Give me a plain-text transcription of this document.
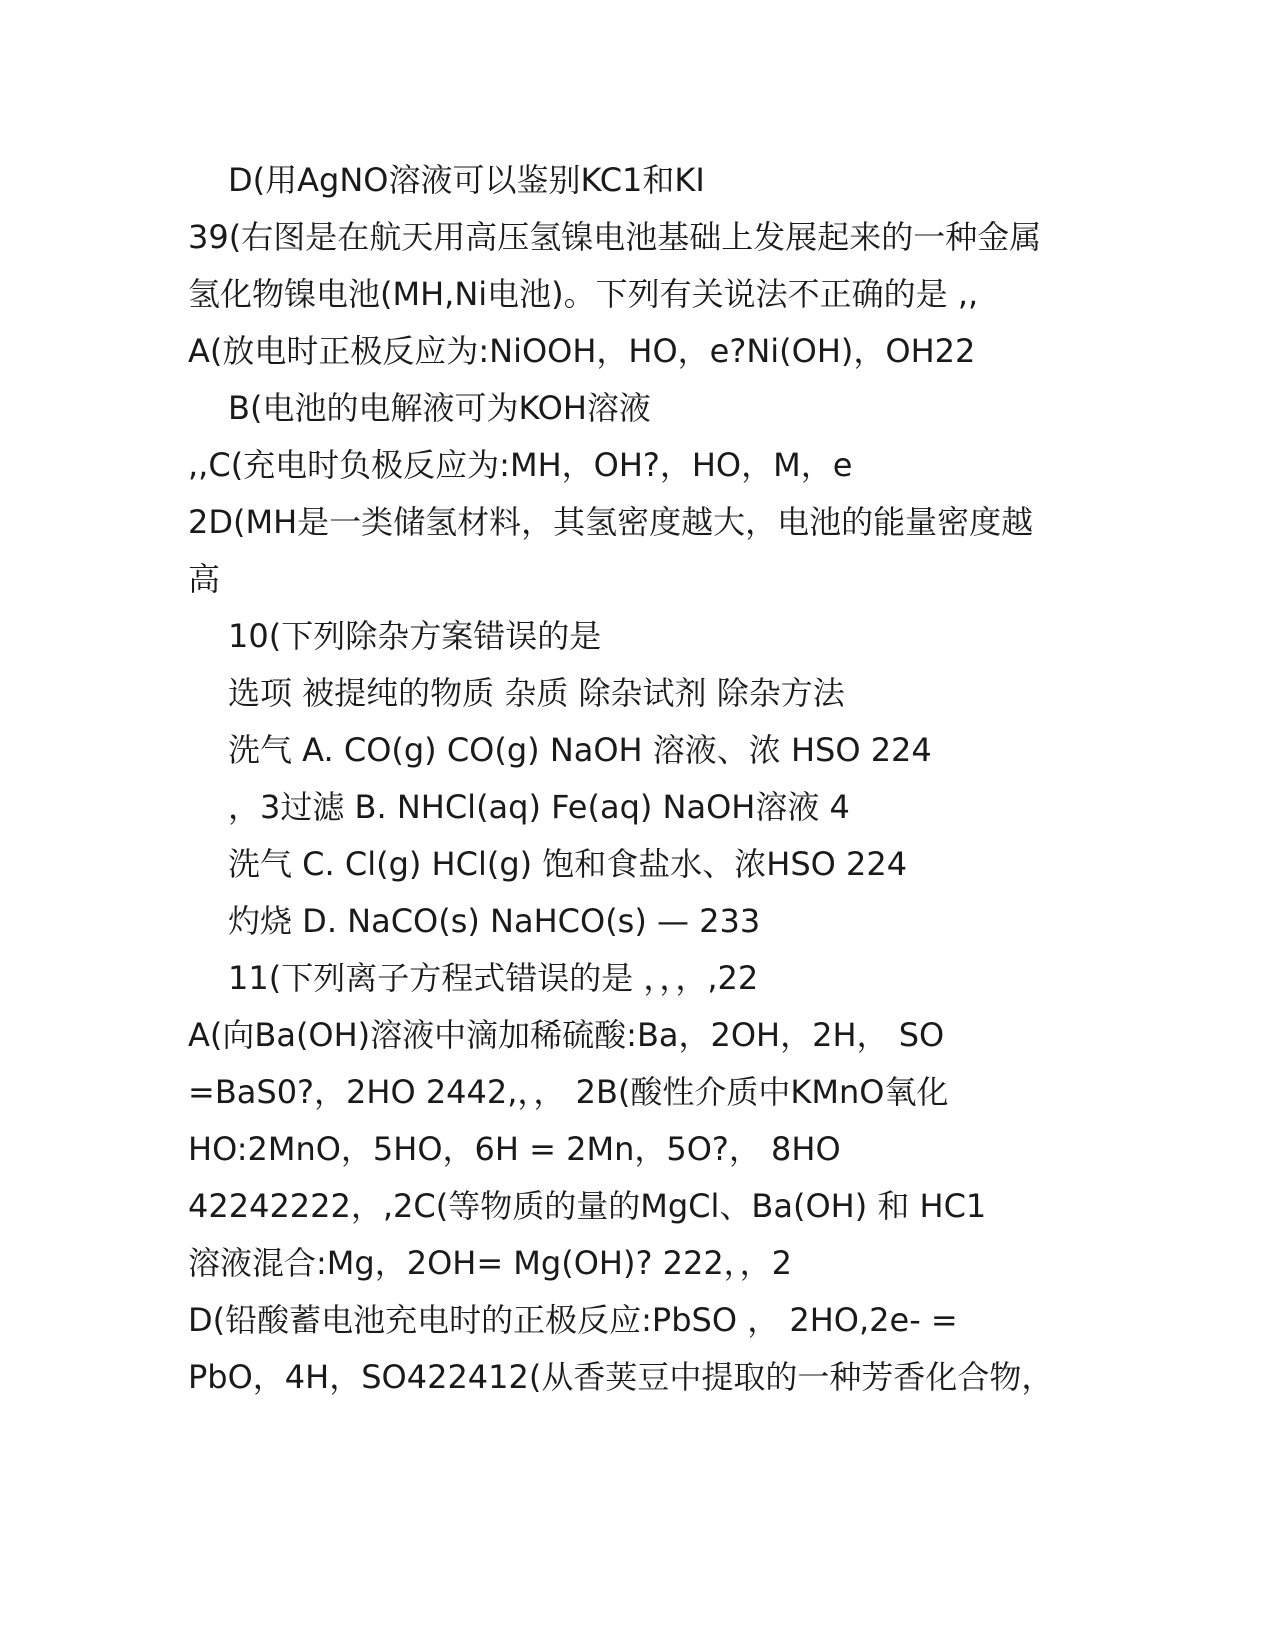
D(用AgNO溶液可以鉴别KC1和KI
39(右图是在航天用高压氢镍电池基础上发展起来的一种金属
氢化物镍电池(MH,Ni电池)。下列有关说法不正确的是 ,,
A(放电时正极反应为:NiOOH，HO，e?Ni(OH)，OH22
B(电池的电解液可为KOH溶液
,,C(充电时负极反应为:MH，OH?，HO，M，e
2D(MH是一类储氢材料，其氢密度越大，电池的能量密度越
高
10(下列除杂方案错误的是
选项 被提纯的物质 杂质 除杂试剂 除杂方法
洗气 A. CO(g) CO(g) NaOH 溶液、浓 HSO 224
，3过滤 B. NHCl(aq) Fe(aq) NaOH溶液 4
洗气 C. Cl(g) HCl(g) 饱和食盐水、浓HSO 224
灼烧 D. NaCO(s) NaHCO(s) — 233
11(下列离子方程式错误的是 ，，，,22
A(向Ba(OH)溶液中滴加稀硫酸:Ba，2OH，2H， SO
=BaS0?，2HO 2442,，， 2B(酸性介质中KMnO氧化
HO:2MnO，5HO，6H = 2Mn，5O?， 8HO
42242222，,2C(等物质的量的MgCl、Ba(OH) 和 HC1
溶液混合:Mg，2OH= Mg(OH)? 222，，2
D(铅酸蓄电池充电时的正极反应:PbSO ， 2HO,2e- =
PbO，4H，SO422412(从香荚豆中提取的一种芳香化合物，
